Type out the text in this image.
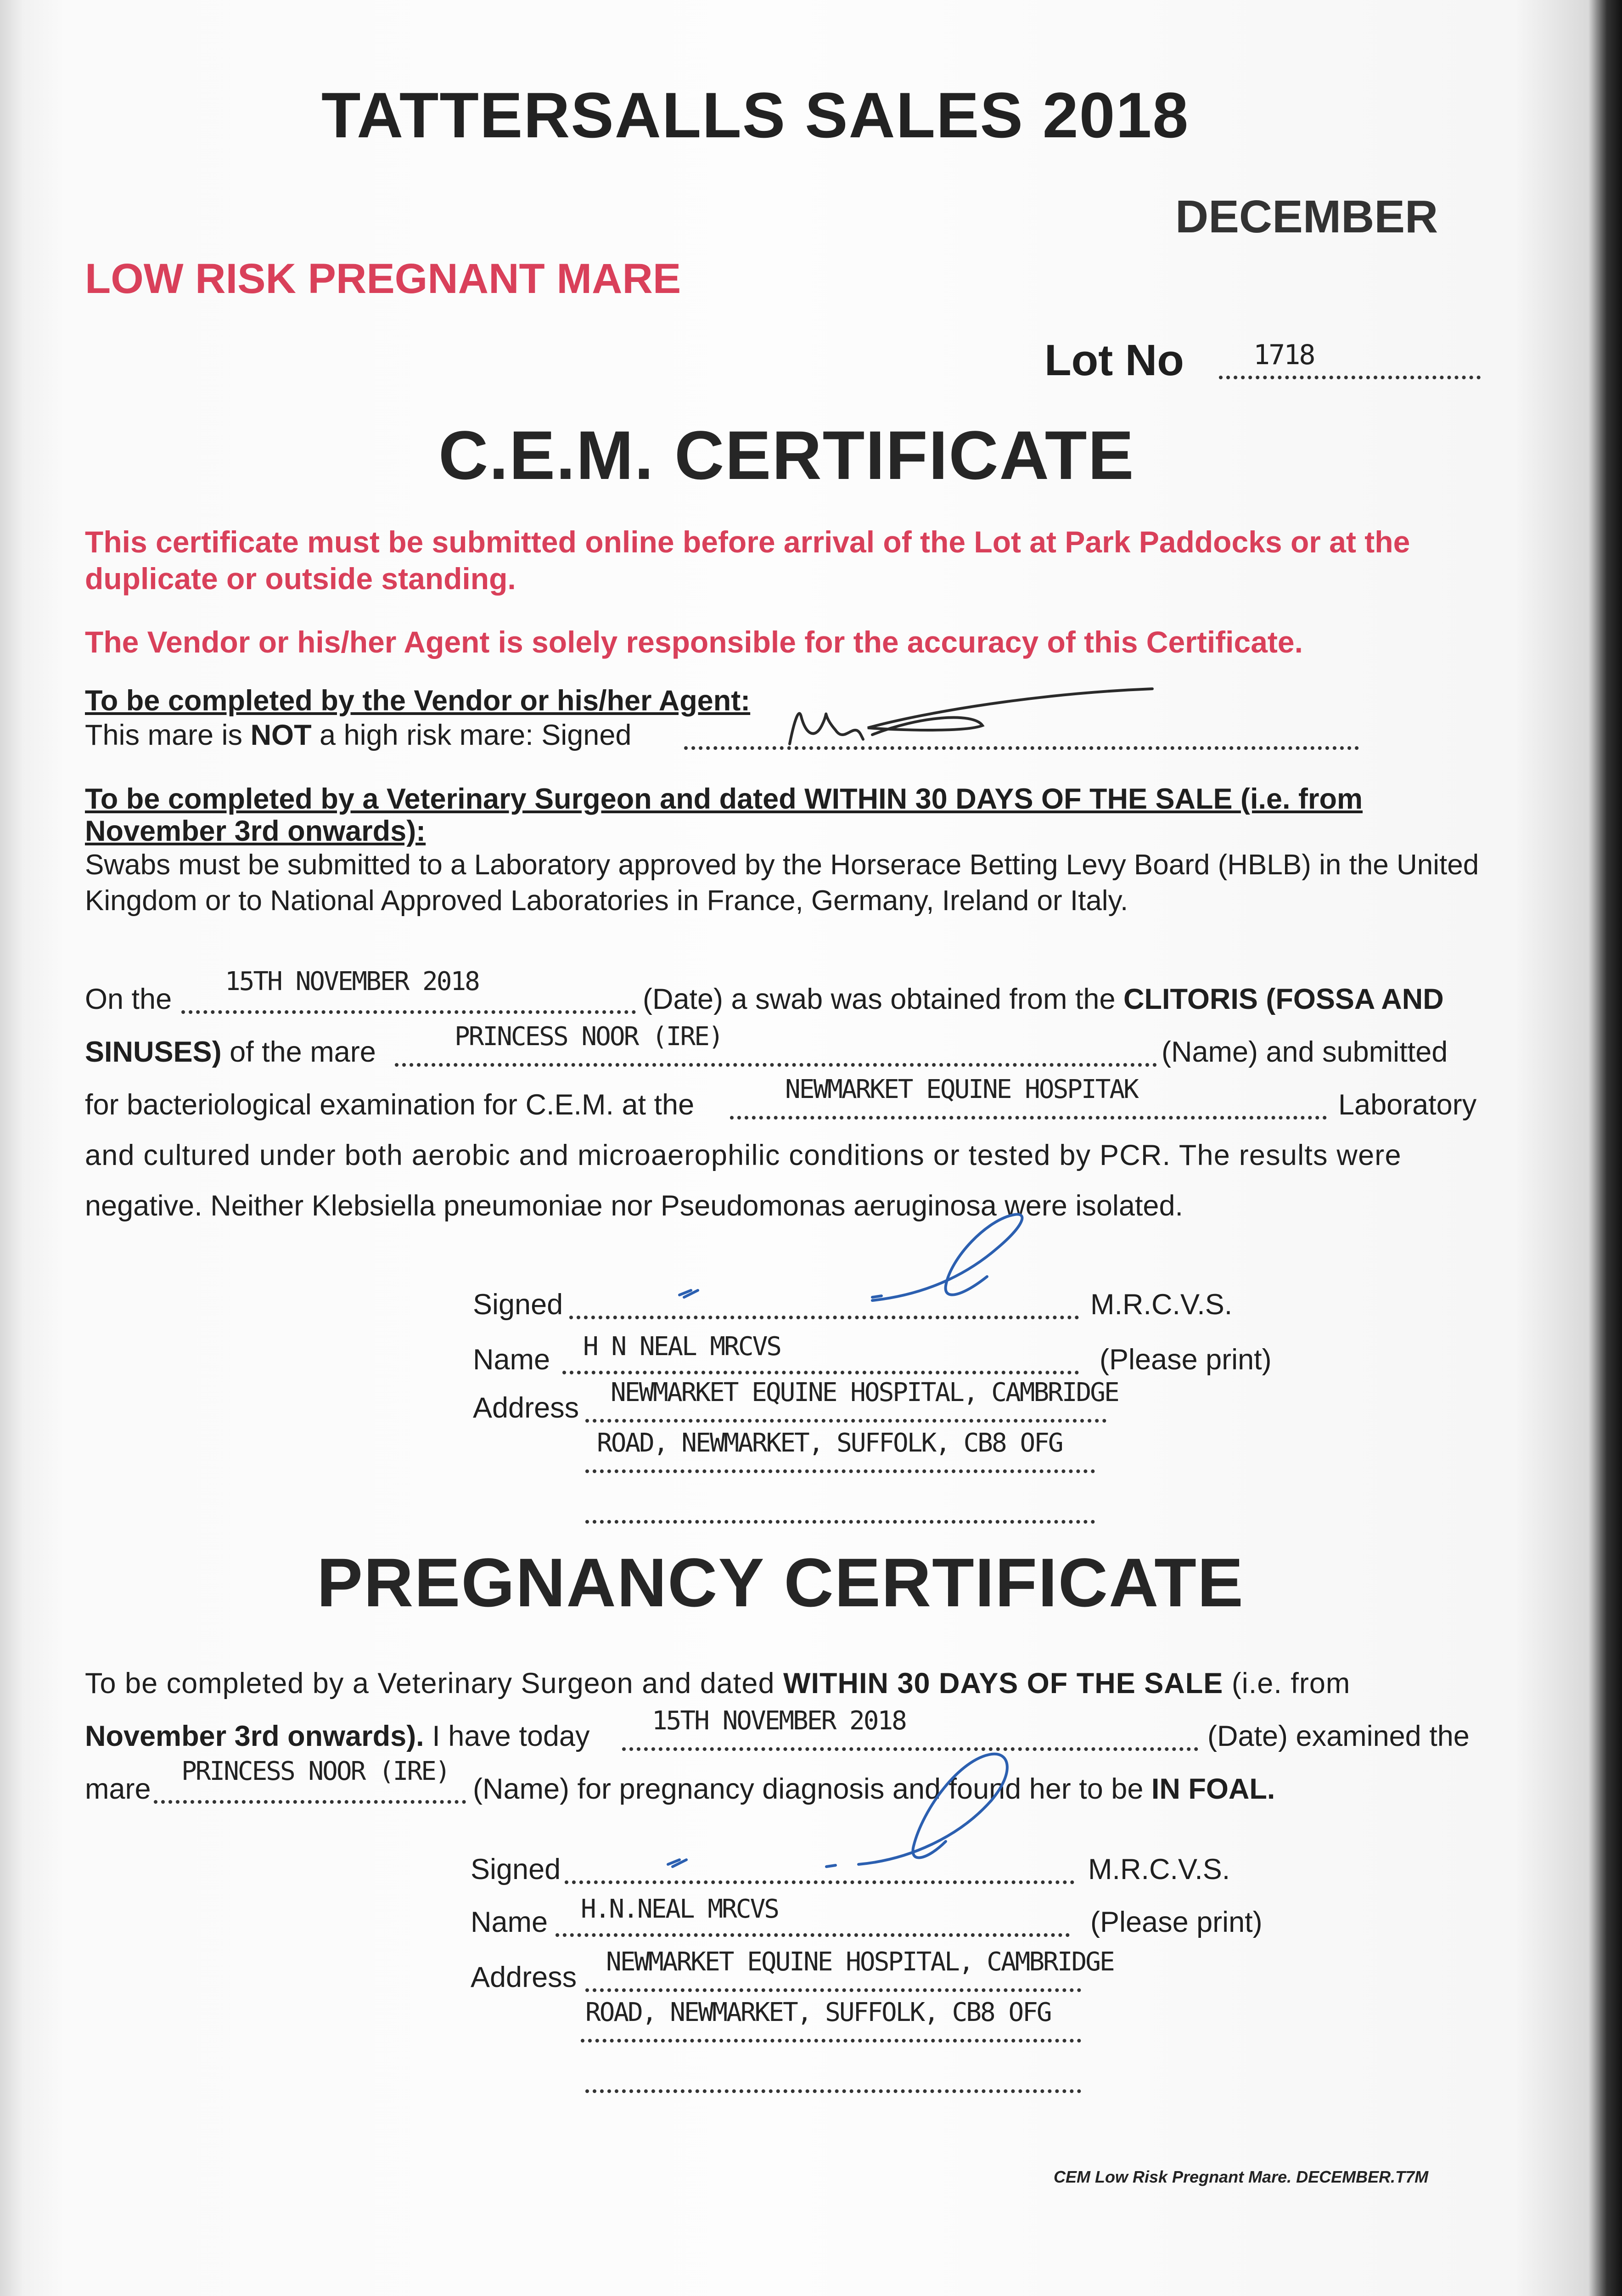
TATTERSALLS SALES 2018
DECEMBER
LOW RISK PREGNANT MARE
Lot No	1718
C.E.M. CERTIFICATE
This certificate must be submitted online before arrival of the Lot at Park Paddocks or at the duplicate or outside standing.
The Vendor or his/her Agent is solely responsible for the accuracy of this Certificate.
To be completed by the Vendor or his/her Agent:
This mare is NOT a high risk mare: Signed
To be completed by a Veterinary Surgeon and dated WITHIN 30 DAYS OF THE SALE (i.e. from November 3rd onwards):
Swabs must be submitted to a Laboratory approved by the Horserace Betting Levy Board (HBLB) in the United Kingdom or to National Approved Laboratories in France, Germany, Ireland or Italy.
On the
15TH NOVEMBER 2018
(Date) a swab was obtained from the CLITORIS (FOSSA AND
SINUSES) of the mare	PRINCESS NOOR (IRE)	(Name) and submitted
for bacteriological examination for C.E.M. at the	NEWMARKET EQUINE HOSPITAK	Laboratory
and cultured under both aerobic and microaerophilic conditions or tested by PCR. The results were
negative. Neither Klebsiella pneumoniae nor Pseudomonas aeruginosa were isolated.
Signed	M.R.C.V.S.
Name H N NEAL MRCVS	(Please print)
Address NEWMARKET EQUINE HOSPITAL, CAMBRIDGE
ROAD, NEWMARKET, SUFFOLK, CB8 OFG
PREGNANCY CERTIFICATE
To be completed by a Veterinary Surgeon and dated WITHIN 30 DAYS OF THE SALE (i.e. from
November 3rd onwards). I have today 15TH NOVEMBER 2018	(Date) examined the
mare
PRINCESS NOOR (IRE)
(Name) for pregnancy diagnosis and found her to be IN FOAL.
Signed	M.R.C.V.S.
Name H.N.NEAL MRCVS	(Please print)
Address NEWMARKET EQUINE HOSPITAL, CAMBRIDGE
ROAD, NEWMARKET, SUFFOLK, CB8 OFG
CEM Low Risk Pregnant Mare. DECEMBER.T7M
